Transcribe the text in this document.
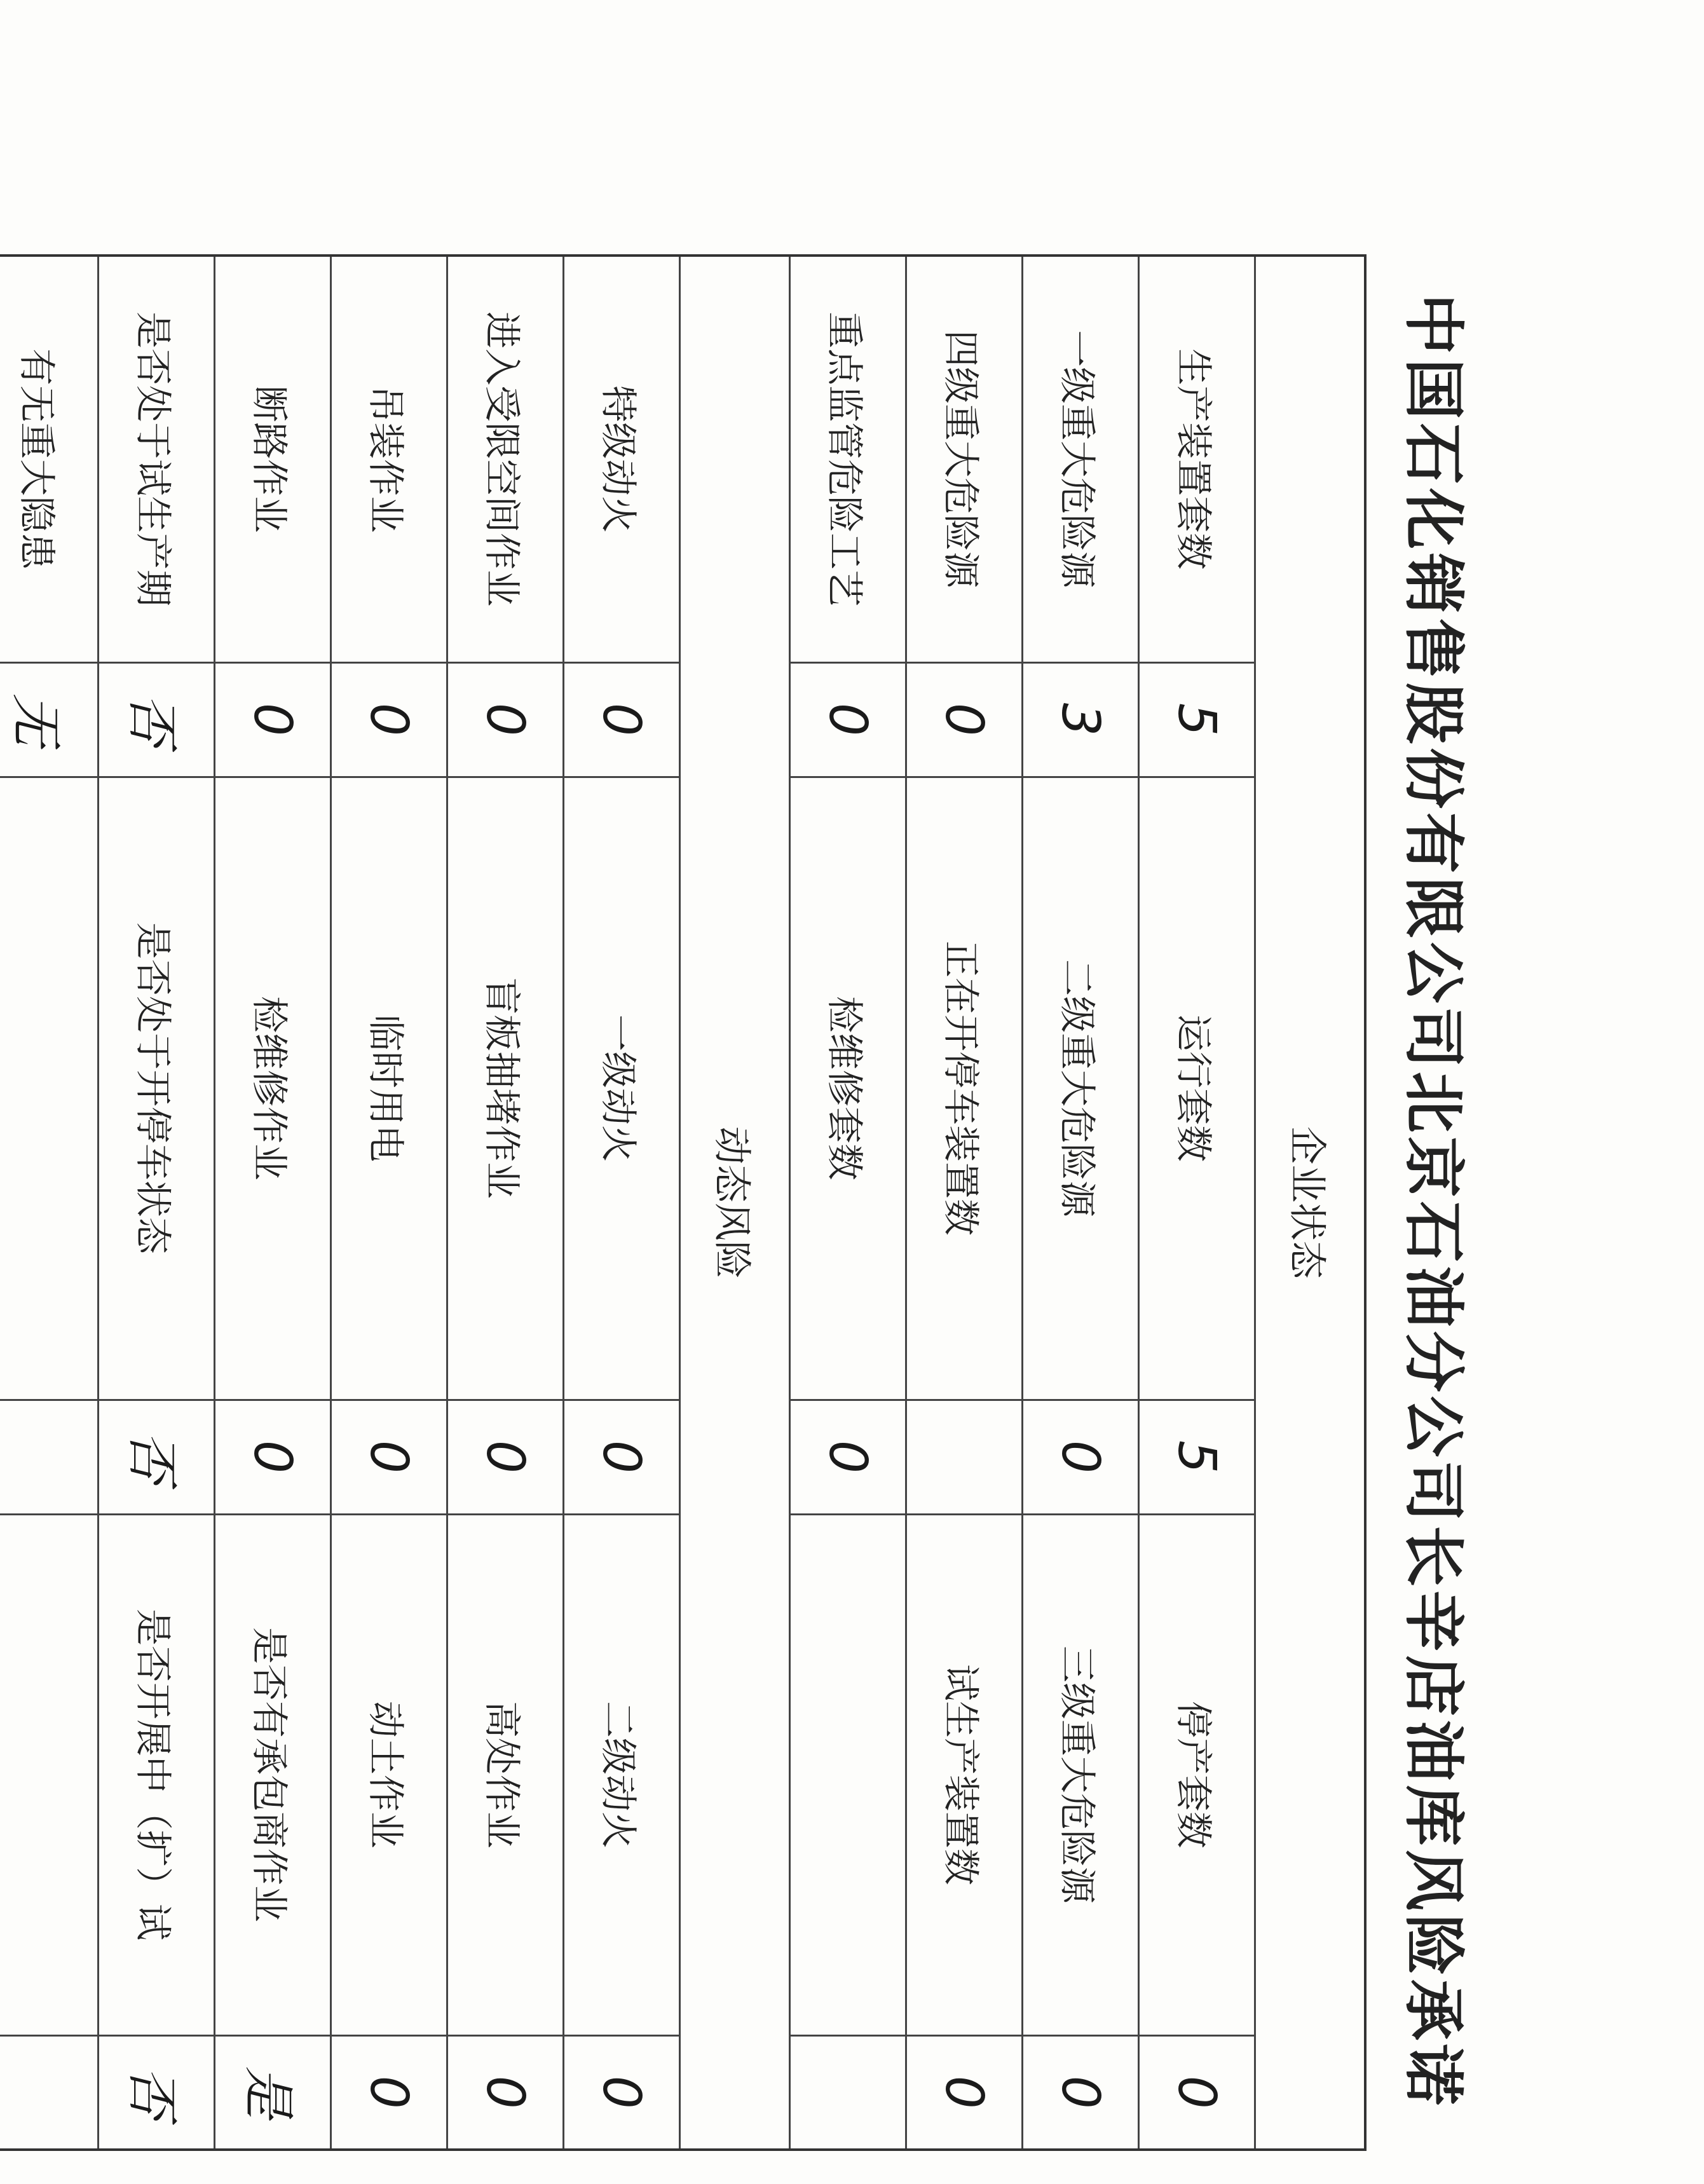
中国石化销售股份有限公司北京石油分公司长辛店油库风险承诺
企业状态					
生产装置套数	5	运行套数	5	停产套数	0
一级重大危险源	3	二级重大危险源	0	三级重大危险源	0
四级重大危险源	0	正在开停车装置数		试生产装置数	0
重点监管危险工艺	0	检维修套数	0		
动态风险					
特级动火	0	一级动火	0	二级动火	0
进入受限空间作业	0	盲板抽堵作业	0	高处作业	0
吊装作业	0	临时用电	0	动土作业	0
断路作业	0	检维修作业	0	是否有承包商作业	是
是否处于试生产期	否	是否处于开停车状态	否	是否开展中（扩）试	否
有无重大隐患	无				
